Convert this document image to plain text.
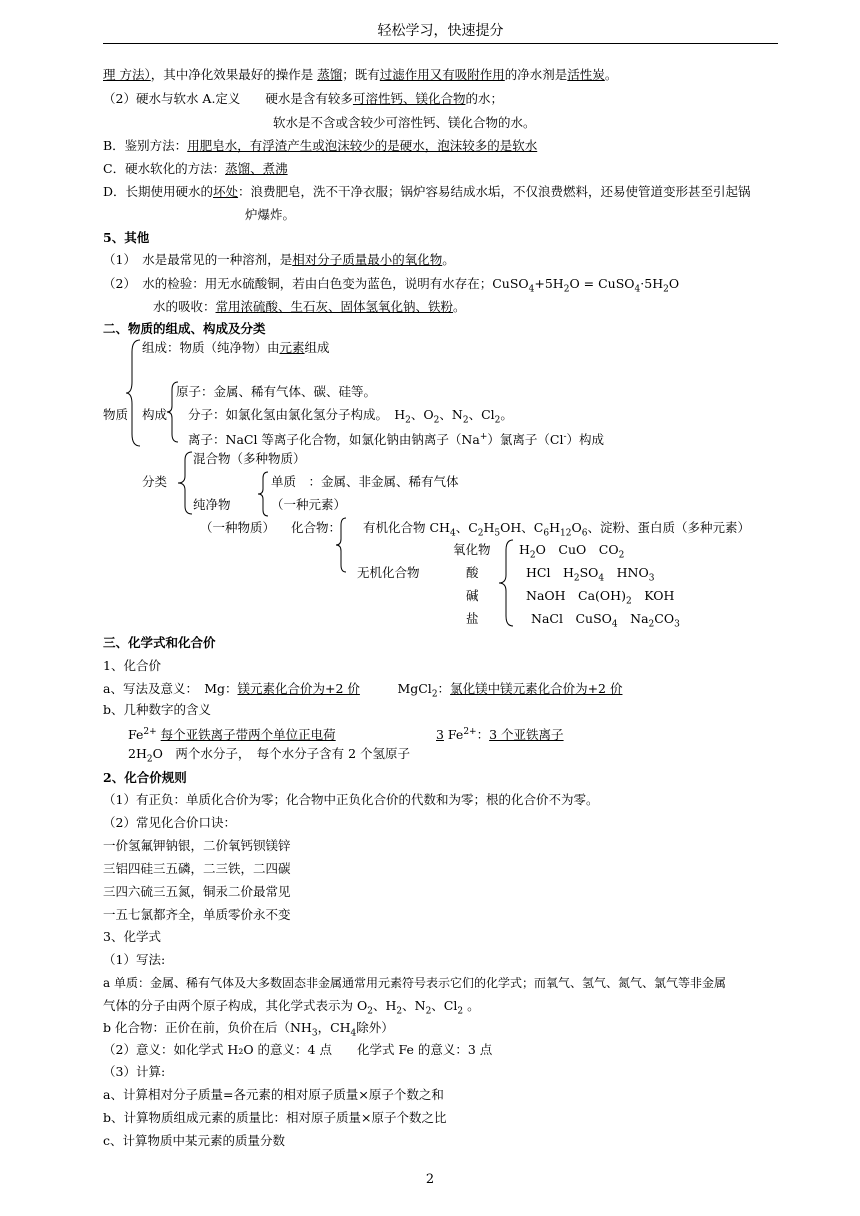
轻松学习，快速提分
理 方法），其中净化效果最好的操作是 蒸馏；既有过滤作用又有吸附作用的净水剂是活性炭。
（2）硬水与软水 A.定义　　硬水是含有较多可溶性钙、镁化合物的水；
软水是不含或含较少可溶性钙、镁化合物的水。
B．鉴别方法：用肥皂水，有浮渣产生或泡沫较少的是硬水，泡沫较多的是软水
C．硬水软化的方法：蒸馏、煮沸
D．长期使用硬水的坏处：浪费肥皂，洗不干净衣服；锅炉容易结成水垢，不仅浪费燃料，还易使管道变形甚至引起锅
炉爆炸。
5、其他
（1）　水是最常见的一种溶剂，是相对分子质量最小的氧化物。
（2）　水的检验：用无水硫酸铜，若由白色变为蓝色，说明有水存在；$CuSO_4+5H_2O$ = $CuSO_4\cdot 5H_2O$
水的吸收：常用浓硫酸、生石灰、固体氢氧化钠、铁粉。
二、物质的组成、构成及分类
组成：物质（纯净物）由元素组成
原子：金属、稀有气体、碳、硅等。
物质 构成 分子：如氯化氢由氯化氢分子构成。　$H_2$、$O_2$、$N_2$、$Cl_2$。
离子：NaCl 等离子化合物，如氯化钠由钠离子（Na+）氯离子（Cl-）构成
混合物（多种物质）
分类	单质　：金属、非金属、稀有气体
纯净物	（一种元素）
（一种物质） 化合物： 有机化合物 $CH_4$、$C_2H_5OH$、$C_6H_{12}O_6$、淀粉、蛋白质（多种元素）
氧化物 $H_2O$　CuO　$CO_2$
无机化合物	酸	HCl　$H_2SO_4$　$HNO_3$
碱	NaOH　$Ca(OH)_2$　KOH
盐	NaCl　CuSO$_4$　$Na_2CO_3$
三、化学式和化合价
1、化合价
a、写法及意义：　Mg：镁元素化合价为+2 价　　　	MgCl$_2$：氯化镁中镁元素化合价为+2 价
b、几种数字的含义
$Fe^{2+}$ 每个亚铁离子带两个单位正电荷	3 $Fe^{2+}$：3 个亚铁离子
$2H_2O$　两个水分子，　每个水分子含有 2 个氢原子
2、化合价规则
（1）有正负：单质化合价为零；化合物中正负化合价的代数和为零；根的化合价不为零。
（2）常见化合价口诀：
一价氢氟钾钠银，二价氧钙钡镁锌
三铝四硅三五磷，二三铁，二四碳
三四六硫三五氮，铜汞二价最常见
一五七氯都齐全，单质零价永不变
3、化学式
（1）写法:
a 单质：金属、稀有气体及大多数固态非金属通常用元素符号表示它们的化学式；而氧气、氢气、氮气、氯气等非金属
气体的分子由两个原子构成，其化学式表示为 $O_2$、$H_2$、$N_2$、$Cl_2$ 。
b 化合物：正价在前，负价在后（$NH_3$，$CH_4$除外）
（2）意义：如化学式 H₂O 的意义：4 点　　化学式 Fe 的意义：3 点
（3）计算:
a、计算相对分子质量=各元素的相对原子质量×原子个数之和
b、计算物质组成元素的质量比：相对原子质量×原子个数之比
c、计算物质中某元素的质量分数
2
